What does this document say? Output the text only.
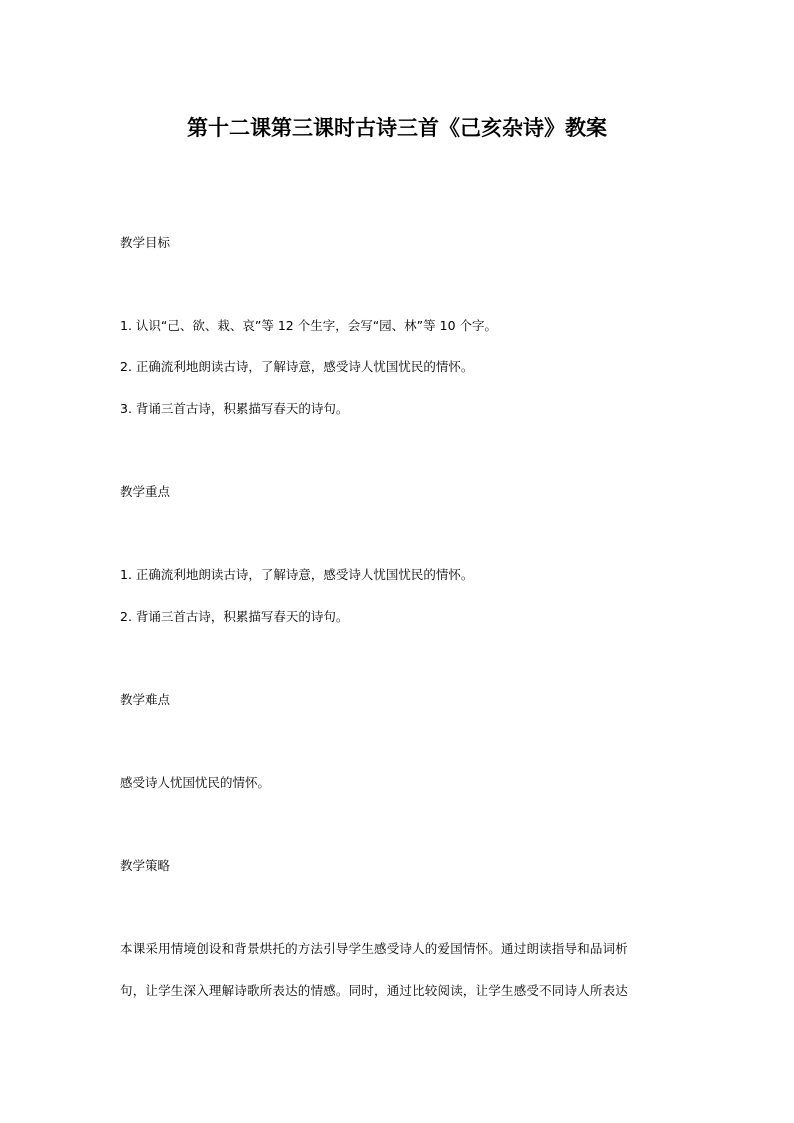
第十二课第三课时古诗三首《己亥杂诗》教案

教学目标

1. 认识“己、欲、栽、哀”等 12 个生字，会写“园、林”等 10 个字。

2. 正确流利地朗读古诗，了解诗意，感受诗人忧国忧民的情怀。

3. 背诵三首古诗，积累描写春天的诗句。

教学重点

1. 正确流利地朗读古诗，了解诗意，感受诗人忧国忧民的情怀。

2. 背诵三首古诗，积累描写春天的诗句。

教学难点

感受诗人忧国忧民的情怀。

教学策略

本课采用情境创设和背景烘托的方法引导学生感受诗人的爱国情怀。通过朗读指导和品词析

句，让学生深入理解诗歌所表达的情感。同时，通过比较阅读，让学生感受不同诗人所表达
